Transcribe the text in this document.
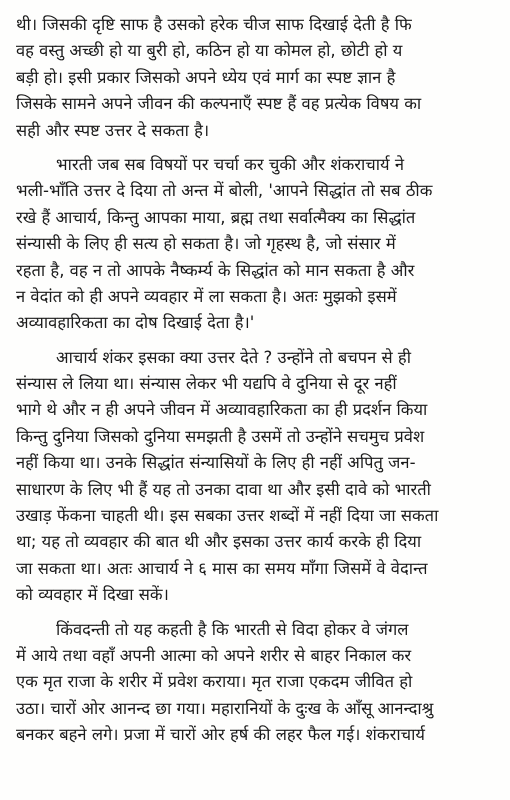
थी। जिसकी दृष्टि साफ है उसको हरेक चीज साफ दिखाई देती है फि
वह वस्तु अच्छी हो या बुरी हो, कठिन हो या कोमल हो, छोटी हो य
बड़ी हो। इसी प्रकार जिसको अपने ध्येय एवं मार्ग का स्पष्ट ज्ञान है
जिसके सामने अपने जीवन की कल्पनाएँ स्पष्ट हैं वह प्रत्येक विषय का
सही और स्पष्ट उत्तर दे सकता है।
भारती जब सब विषयों पर चर्चा कर चुकी और शंकराचार्य ने
भली-भाँति उत्तर दे दिया तो अन्त में बोली, 'आपने सिद्धांत तो सब ठीक
रखे हैं आचार्य, किन्तु आपका माया, ब्रह्म तथा सर्वात्मैक्य का सिद्धांत
संन्यासी के लिए ही सत्य हो सकता है। जो गृहस्थ है, जो संसार में
रहता है, वह न तो आपके नैष्कर्म्य के सिद्धांत को मान सकता है और
न वेदांत को ही अपने व्यवहार में ला सकता है। अतः मुझको इसमें
अव्यावहारिकता का दोष दिखाई देता है।'
आचार्य शंकर इसका क्या उत्तर देते ? उन्होंने तो बचपन से ही
संन्यास ले लिया था। संन्यास लेकर भी यद्यपि वे दुनिया से दूर नहीं
भागे थे और न ही अपने जीवन में अव्यावहारिकता का ही प्रदर्शन किया
किन्तु दुनिया जिसको दुनिया समझती है उसमें तो उन्होंने सचमुच प्रवेश
नहीं किया था। उनके सिद्धांत संन्यासियों के लिए ही नहीं अपितु जन-
साधारण के लिए भी हैं यह तो उनका दावा था और इसी दावे को भारती
उखाड़ फेंकना चाहती थी। इस सबका उत्तर शब्दों में नहीं दिया जा सकता
था; यह तो व्यवहार की बात थी और इसका उत्तर कार्य करके ही दिया
जा सकता था। अतः आचार्य ने ६ मास का समय माँगा जिसमें वे वेदान्त
को व्यवहार में दिखा सकें।
किंवदन्ती तो यह कहती है कि भारती से विदा होकर वे जंगल
में आये तथा वहाँ अपनी आत्मा को अपने शरीर से बाहर निकाल कर
एक मृत राजा के शरीर में प्रवेश कराया। मृत राजा एकदम जीवित हो
उठा। चारों ओर आनन्द छा गया। महारानियों के दुःख के आँसू आनन्दाश्रु
बनकर बहने लगे। प्रजा में चारों ओर हर्ष की लहर फैल गई। शंकराचार्य
